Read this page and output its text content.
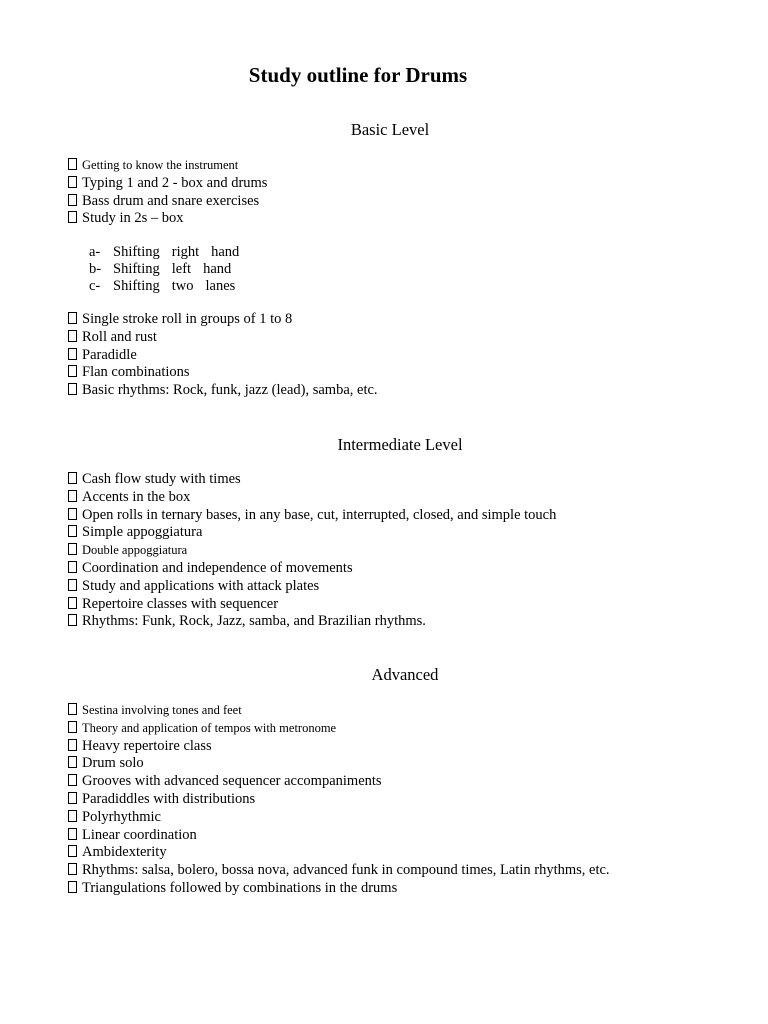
Study outline for Drums
Basic Level
Getting to know the instrument
Typing 1 and 2 - box and drums
Bass drum and snare exercises
Study in 2s – box
a- Shifting right hand
b- Shifting left hand
c- Shifting two lanes
Single stroke roll in groups of 1 to 8
Roll and rust
Paradidle
Flan combinations
Basic rhythms: Rock, funk, jazz (lead), samba, etc.
Intermediate Level
Cash flow study with times
Accents in the box
Open rolls in ternary bases, in any base, cut, interrupted, closed, and simple touch
Simple appoggiatura
Double appoggiatura
Coordination and independence of movements
Study and applications with attack plates
Repertoire classes with sequencer
Rhythms: Funk, Rock, Jazz, samba, and Brazilian rhythms.
Advanced
Sestina involving tones and feet
Theory and application of tempos with metronome
Heavy repertoire class
Drum solo
Grooves with advanced sequencer accompaniments
Paradiddles with distributions
Polyrhythmic
Linear coordination
Ambidexterity
Rhythms: salsa, bolero, bossa nova, advanced funk in compound times, Latin rhythms, etc.
Triangulations followed by combinations in the drums
